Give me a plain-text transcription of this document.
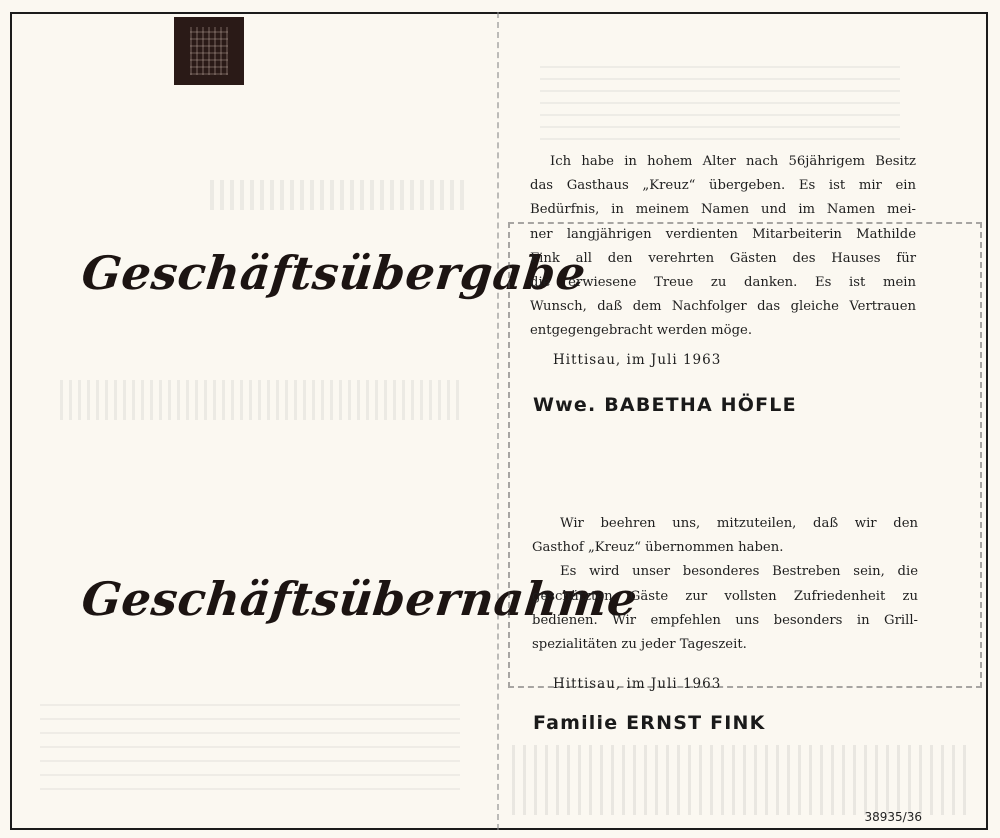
Geschäftsübergabe
Geschäftsübernahme
Ich habe in hohem Alter nach 56jährigem Besitz
das Gasthaus „Kreuz“ übergeben. Es ist mir ein
Bedürfnis, in meinem Namen und im Namen mei-
ner langjährigen verdienten Mitarbeiterin Mathilde
Fink all den verehrten Gästen des Hauses für
die erwiesene Treue zu danken. Es ist mein
Wunsch, daß dem Nachfolger das gleiche Vertrauen
entgegengebracht werden möge.
Hittisau, im Juli 1963
Wwe. BABETHA HÖFLE
Wir beehren uns, mitzuteilen, daß wir den
Gasthof „Kreuz“ übernommen haben.
Es wird unser besonderes Bestreben sein, die
geschätzten Gäste zur vollsten Zufriedenheit zu
bedienen. Wir empfehlen uns besonders in Grill-
spezialitäten zu jeder Tageszeit.
Hittisau, im Juli 1963
Familie ERNST FINK
38935/36
